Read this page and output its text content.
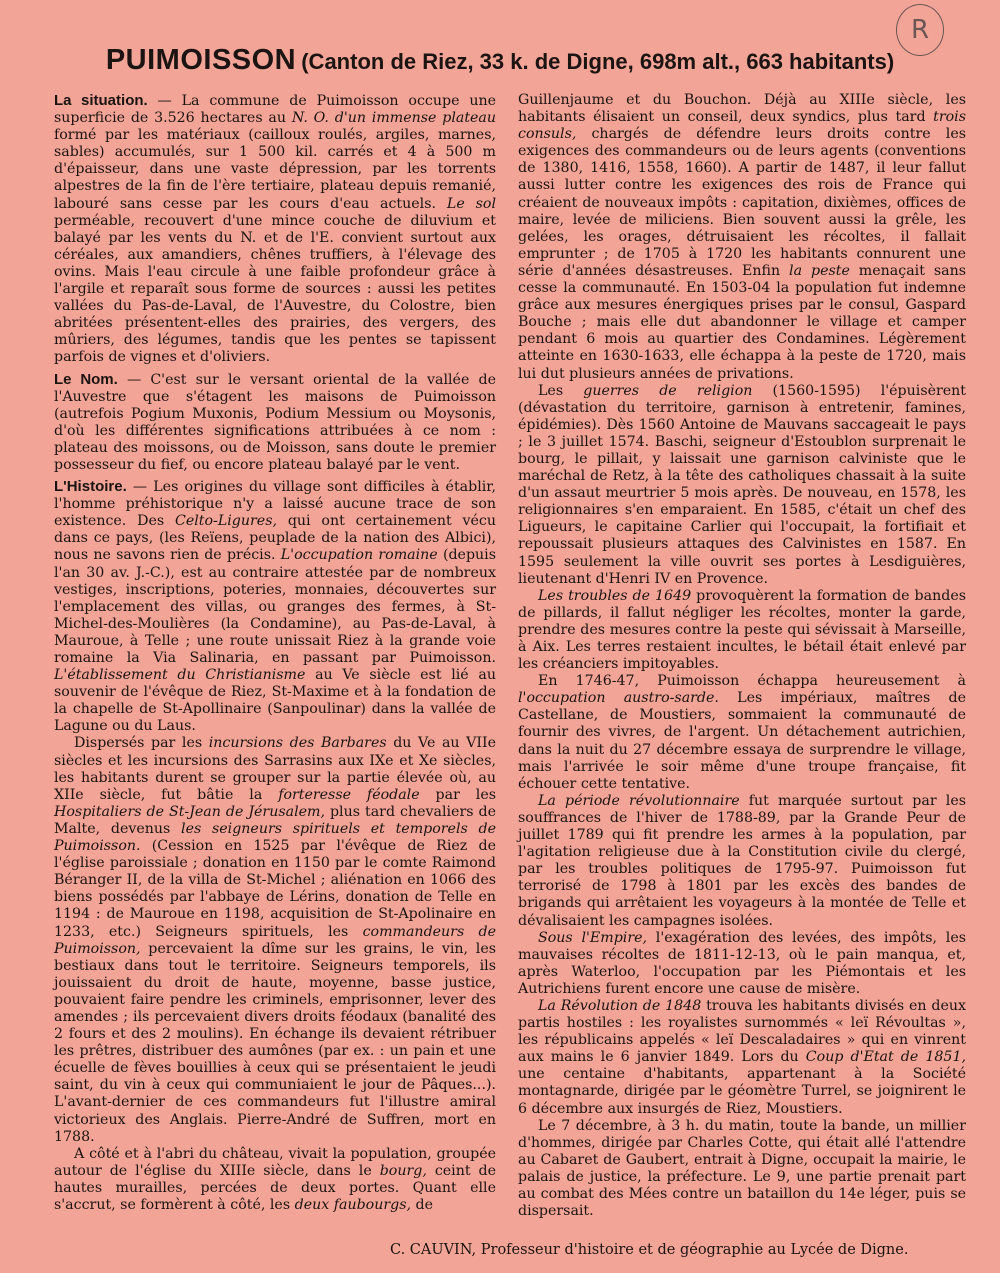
R
PUIMOISSON (Canton de Riez, 33 k. de Digne, 698m alt., 663 habitants)

La situation. — La commune de Puimoisson occupe une superficie de 3.526 hectares au N. O. d'un immense plateau formé par les matériaux (cailloux roulés, argiles, marnes, sables) accumulés, sur 1 500 kil. carrés et 4 à 500 m d'épaisseur, dans une vaste dépression, par les torrents alpestres de la fin de l'ère tertiaire, plateau depuis remanié, labouré sans cesse par les cours d'eau actuels. Le sol perméable, recouvert d'une mince couche de diluvium et balayé par les vents du N. et de l'E. convient surtout aux céréales, aux amandiers, chênes truffiers, à l'élevage des ovins. Mais l'eau circule à une faible profondeur grâce à l'argile et reparaît sous forme de sources : aussi les petites vallées du Pas-de-Laval, de l'Auvestre, du Colostre, bien abritées présentent-elles des prairies, des vergers, des mûriers, des légumes, tandis que les pentes se tapissent parfois de vignes et d'oliviers.

Le Nom. — C'est sur le versant oriental de la vallée de l'Auvestre que s'étagent les maisons de Puimoisson (autrefois Pogium Muxonis, Podium Messium ou Moysonis, d'où les différentes significations attribuées à ce nom : plateau des moissons, ou de Moisson, sans doute le premier possesseur du fief, ou encore plateau balayé par le vent.

L'Histoire. — Les origines du village sont difficiles à établir, l'homme préhistorique n'y a laissé aucune trace de son existence. Des Celto-Ligures, qui ont certainement vécu dans ce pays, (les Reïens, peuplade de la nation des Albici), nous ne savons rien de précis. L'occupation romaine (depuis l'an 30 av. J.-C.), est au contraire attestée par de nombreux vestiges, inscriptions, poteries, monnaies, découvertes sur l'emplacement des villas, ou granges des fermes, à St-Michel-des-Moulières (la Condamine), au Pas-de-Laval, à Mauroue, à Telle ; une route unissait Riez à la grande voie romaine la Via Salinaria, en passant par Puimoisson. L'établissement du Christianisme au Ve siècle est lié au souvenir de l'évêque de Riez, St-Maxime et à la fondation de la chapelle de St-Apollinaire (Sanpoulinar) dans la vallée de Lagune ou du Laus.

Dispersés par les incursions des Barbares du Ve au VIIe siècles et les incursions des Sarrasins aux IXe et Xe siècles, les habitants durent se grouper sur la partie élevée où, au XIIe siècle, fut bâtie la forteresse féodale par les Hospitaliers de St-Jean de Jérusalem, plus tard chevaliers de Malte, devenus les seigneurs spirituels et temporels de Puimoisson. (Cession en 1525 par l'évêque de Riez de l'église paroissiale ; donation en 1150 par le comte Raimond Béranger II, de la villa de St-Michel ; aliénation en 1066 des biens possédés par l'abbaye de Lérins, donation de Telle en 1194 : de Mauroue en 1198, acquisition de St-Apolinaire en 1233, etc.) Seigneurs spirituels, les commandeurs de Puimoisson, percevaient la dîme sur les grains, le vin, les bestiaux dans tout le territoire. Seigneurs temporels, ils jouissaient du droit de haute, moyenne, basse justice, pouvaient faire pendre les criminels, emprisonner, lever des amendes ; ils percevaient divers droits féodaux (banalité des 2 fours et des 2 moulins). En échange ils devaient rétribuer les prêtres, distribuer des aumônes (par ex. : un pain et une écuelle de fèves bouillies à ceux qui se présentaient le jeudi saint, du vin à ceux qui communiaient le jour de Pâques...). L'avant-dernier de ces commandeurs fut l'illustre amiral victorieux des Anglais. Pierre-André de Suffren, mort en 1788.

A côté et à l'abri du château, vivait la population, groupée autour de l'église du XIIIe siècle, dans le bourg, ceint de hautes murailles, percées de deux portes. Quant elle s'accrut, se formèrent à côté, les deux faubourgs, de

Guillenjaume et du Bouchon. Déjà au XIIIe siècle, les habitants élisaient un conseil, deux syndics, plus tard trois consuls, chargés de défendre leurs droits contre les exigences des commandeurs ou de leurs agents (conventions de 1380, 1416, 1558, 1660). A partir de 1487, il leur fallut aussi lutter contre les exigences des rois de France qui créaient de nouveaux impôts : capitation, dixièmes, offices de maire, levée de miliciens. Bien souvent aussi la grêle, les gelées, les orages, détruisaient les récoltes, il fallait emprunter ; de 1705 à 1720 les habitants connurent une série d'années désastreuses. Enfin la peste menaçait sans cesse la communauté. En 1503-04 la population fut indemne grâce aux mesures énergiques prises par le consul, Gaspard Bouche ; mais elle dut abandonner le village et camper pendant 6 mois au quartier des Condamines. Légèrement atteinte en 1630-1633, elle échappa à la peste de 1720, mais lui dut plusieurs années de privations.

Les guerres de religion (1560-1595) l'épuisèrent (dévastation du territoire, garnison à entretenir, famines, épidémies). Dès 1560 Antoine de Mauvans saccageait le pays ; le 3 juillet 1574. Baschi, seigneur d'Estoublon surprenait le bourg, le pillait, y laissait une garnison calviniste que le maréchal de Retz, à la tête des catholiques chassait à la suite d'un assaut meurtrier 5 mois après. De nouveau, en 1578, les religionnaires s'en emparaient. En 1585, c'était un chef des Ligueurs, le capitaine Carlier qui l'occupait, la fortifiait et repoussait plusieurs attaques des Calvinistes en 1587. En 1595 seulement la ville ouvrit ses portes à Lesdiguières, lieutenant d'Henri IV en Provence.

Les troubles de 1649 provoquèrent la formation de bandes de pillards, il fallut négliger les récoltes, monter la garde, prendre des mesures contre la peste qui sévissait à Marseille, à Aix. Les terres restaient incultes, le bétail était enlevé par les créanciers impitoyables.

En 1746-47, Puimoisson échappa heureusement à l'occupation austro-sarde. Les impériaux, maîtres de Castellane, de Moustiers, sommaient la communauté de fournir des vivres, de l'argent. Un détachement autrichien, dans la nuit du 27 décembre essaya de surprendre le village, mais l'arrivée le soir même d'une troupe française, fit échouer cette tentative.

La période révolutionnaire fut marquée surtout par les souffrances de l'hiver de 1788-89, par la Grande Peur de juillet 1789 qui fit prendre les armes à la population, par l'agitation religieuse due à la Constitution civile du clergé, par les troubles politiques de 1795-97. Puimoisson fut terrorisé de 1798 à 1801 par les excès des bandes de brigands qui arrêtaient les voyageurs à la montée de Telle et dévalisaient les campagnes isolées.

Sous l'Empire, l'exagération des levées, des impôts, les mauvaises récoltes de 1811-12-13, où le pain manqua, et, après Waterloo, l'occupation par les Piémontais et les Autrichiens furent encore une cause de misère.

La Révolution de 1848 trouva les habitants divisés en deux partis hostiles : les royalistes surnommés « leï Révoultas », les républicains appelés « leï Descaladaires » qui en vinrent aux mains le 6 janvier 1849. Lors du Coup d'Etat de 1851, une centaine d'habitants, appartenant à la Société montagnarde, dirigée par le géomètre Turrel, se joignirent le 6 décembre aux insurgés de Riez, Moustiers.

Le 7 décembre, à 3 h. du matin, toute la bande, un millier d'hommes, dirigée par Charles Cotte, qui était allé l'attendre au Cabaret de Gaubert, entrait à Digne, occupait la mairie, le palais de justice, la préfecture. Le 9, une partie prenait part au combat des Mées contre un bataillon du 14e léger, puis se dispersait.

C. CAUVIN, Professeur d'histoire et de géographie au Lycée de Digne.
